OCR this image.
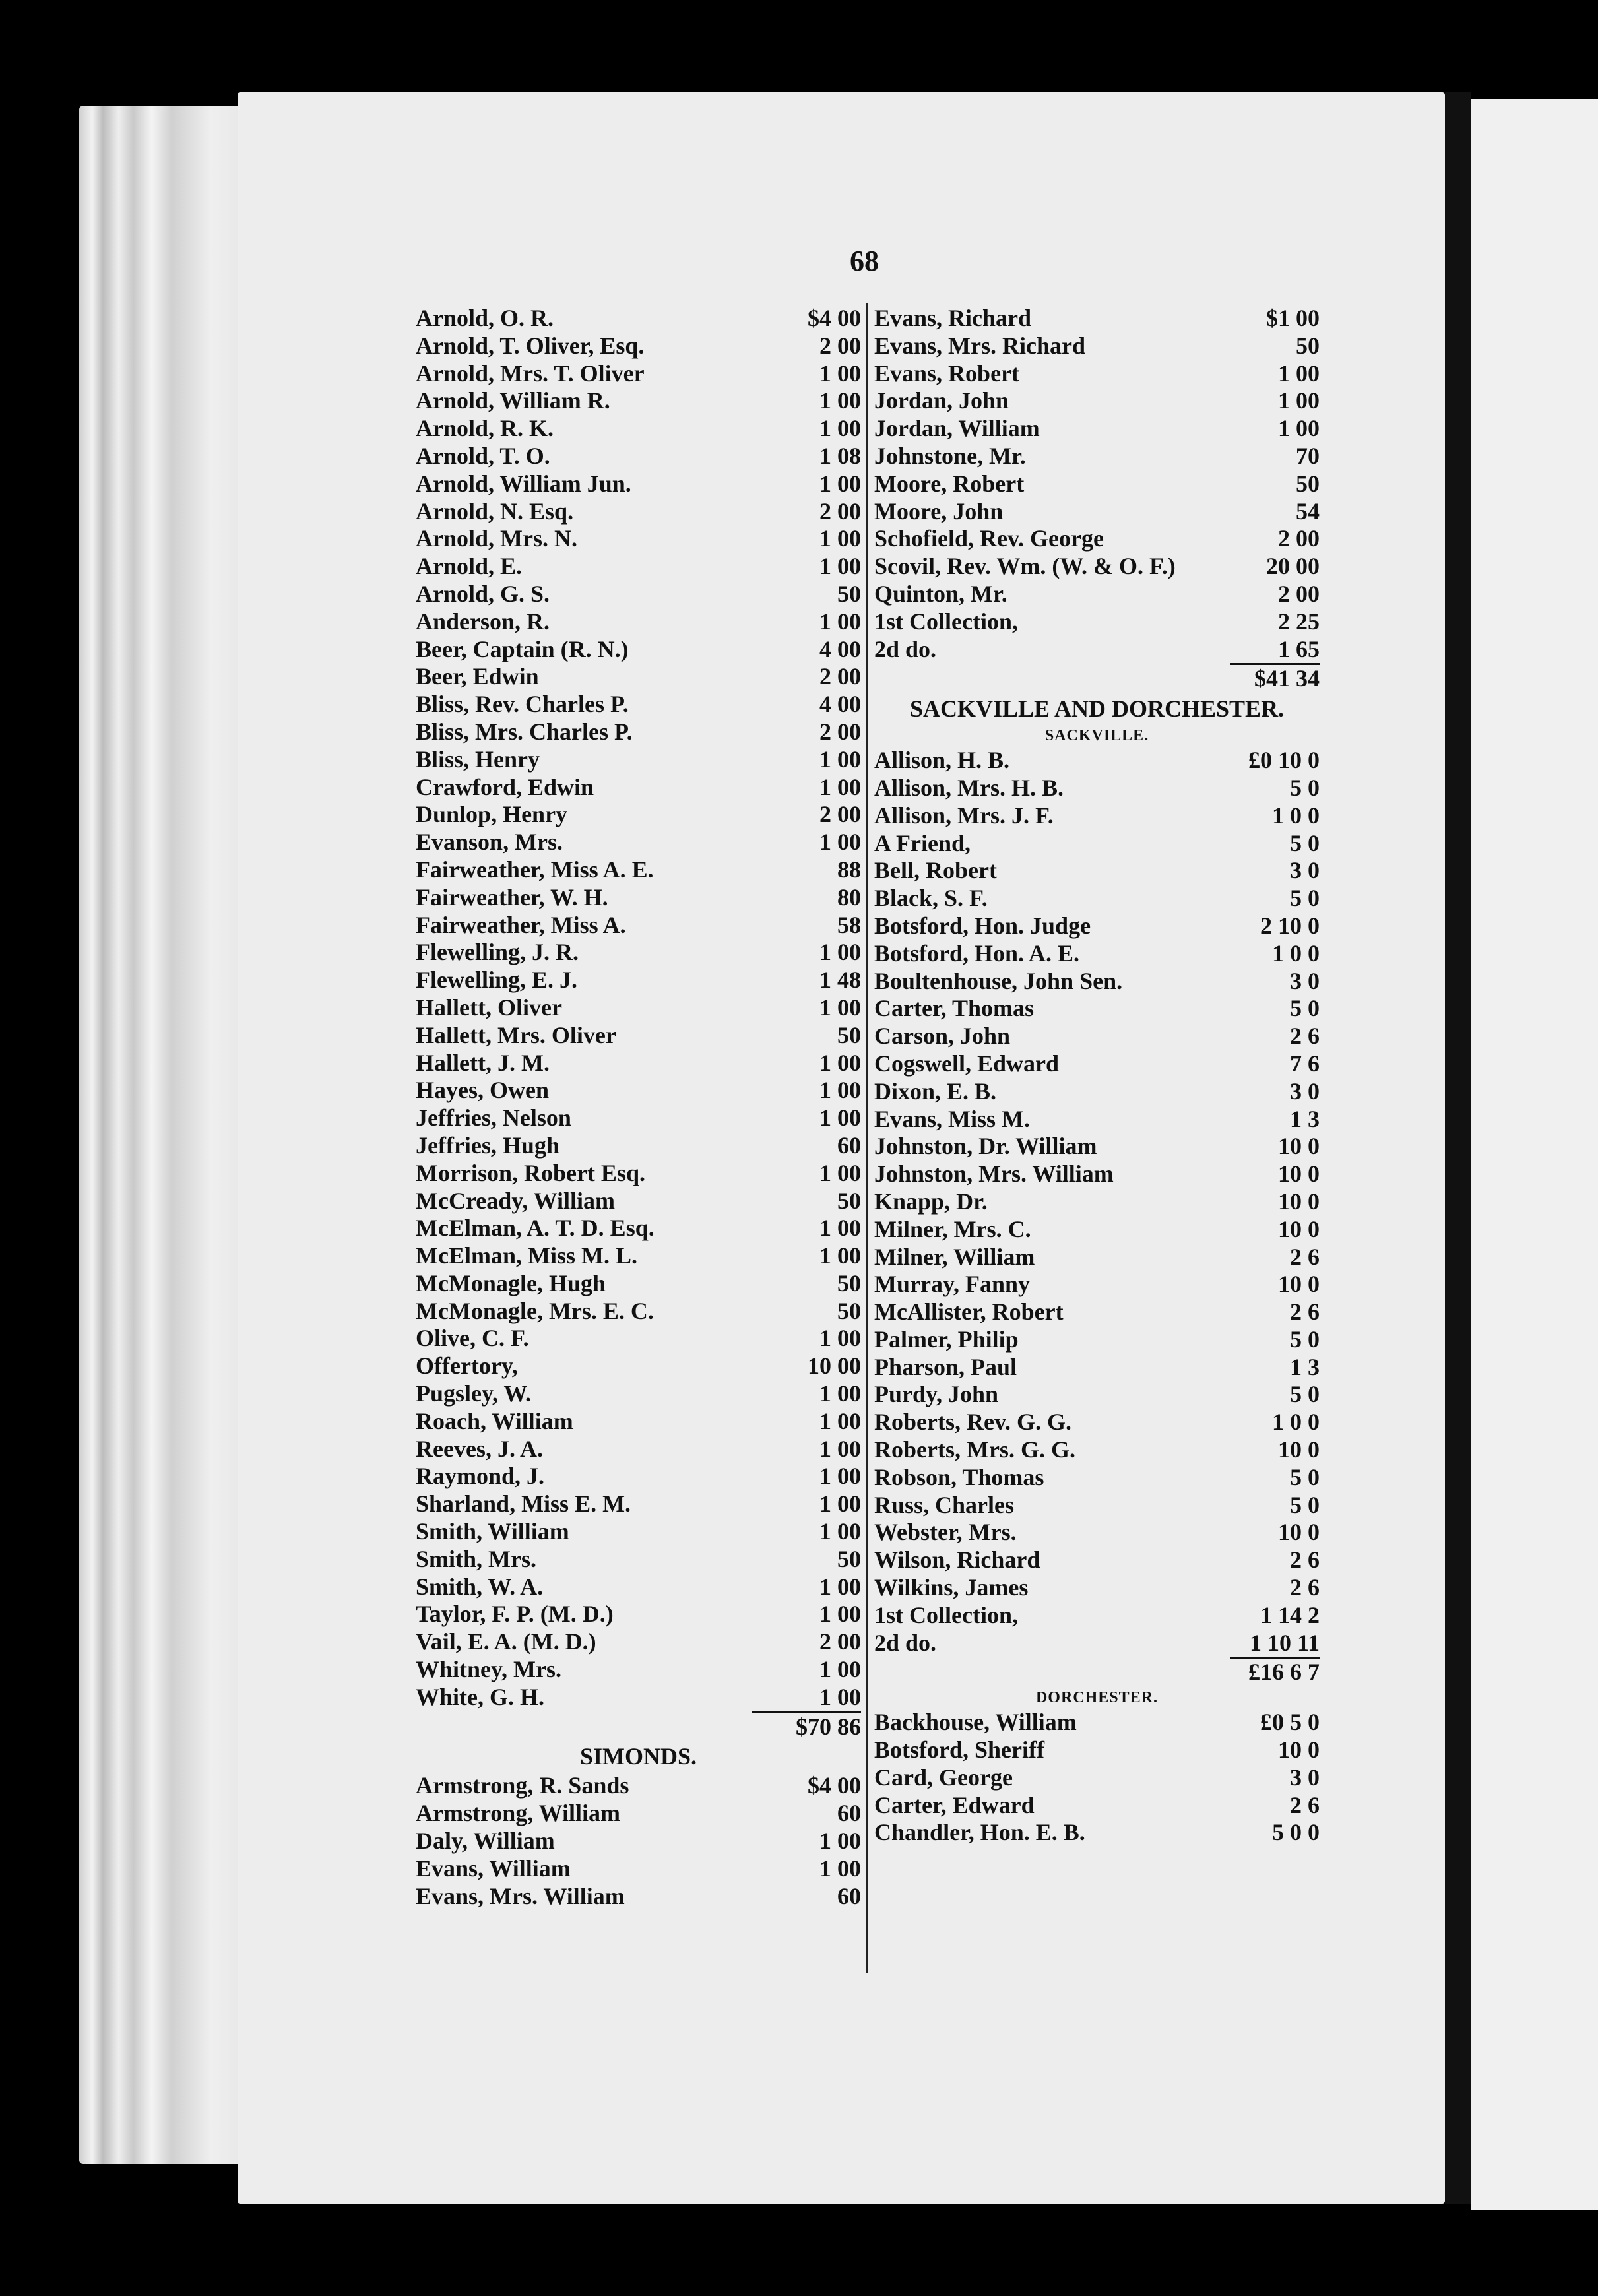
68
Arnold, O. R.	$4 00
Arnold, T. Oliver, Esq.	2 00
Arnold, Mrs. T. Oliver	1 00
Arnold, William R.	1 00
Arnold, R. K.	1 00
Arnold, T. O.	1 08
Arnold, William Jun.	1 00
Arnold, N. Esq.	2 00
Arnold, Mrs. N.	1 00
Arnold, E.	1 00
Arnold, G. S.	50
Anderson, R.	1 00
Beer, Captain (R. N.)	4 00
Beer, Edwin	2 00
Bliss, Rev. Charles P.	4 00
Bliss, Mrs. Charles P.	2 00
Bliss, Henry	1 00
Crawford, Edwin	1 00
Dunlop, Henry	2 00
Evanson, Mrs.	1 00
Fairweather, Miss A. E.	88
Fairweather, W. H.	80
Fairweather, Miss A.	58
Flewelling, J. R.	1 00
Flewelling, E. J.	1 48
Hallett, Oliver	1 00
Hallett, Mrs. Oliver	50
Hallett, J. M.	1 00
Hayes, Owen	1 00
Jeffries, Nelson	1 00
Jeffries, Hugh	60
Morrison, Robert Esq.	1 00
McCready, William	50
McElman, A. T. D. Esq.	1 00
McElman, Miss M. L.	1 00
McMonagle, Hugh	50
McMonagle, Mrs. E. C.	50
Olive, C. F.	1 00
Offertory,	10 00
Pugsley, W.	1 00
Roach, William	1 00
Reeves, J. A.	1 00
Raymond, J.	1 00
Sharland, Miss E. M.	1 00
Smith, William	1 00
Smith, Mrs.	50
Smith, W. A.	1 00
Taylor, F. P. (M. D.)	1 00
Vail, E. A. (M. D.)	2 00
Whitney, Mrs.	1 00
White, G. H.	1 00
$70 86
SIMONDS.
Armstrong, R. Sands	$4 00
Armstrong, William	60
Daly, William	1 00
Evans, William	1 00
Evans, Mrs. William	60
Evans, Richard	$1 00
Evans, Mrs. Richard	50
Evans, Robert	1 00
Jordan, John	1 00
Jordan, William	1 00
Johnstone, Mr.	70
Moore, Robert	50
Moore, John	54
Schofield, Rev. George	2 00
Scovil, Rev. Wm. (W. & O. F.)	20 00
Quinton, Mr.	2 00
1st Collection,	2 25
2d do.	1 65
$41 34
SACKVILLE AND DORCHESTER.
SACKVILLE.
Allison, H. B.	£0 10 0
Allison, Mrs. H. B.	5 0
Allison, Mrs. J. F.	1 0 0
A Friend,	5 0
Bell, Robert	3 0
Black, S. F.	5 0
Botsford, Hon. Judge	2 10 0
Botsford, Hon. A. E.	1 0 0
Boultenhouse, John Sen.	3 0
Carter, Thomas	5 0
Carson, John	2 6
Cogswell, Edward	7 6
Dixon, E. B.	3 0
Evans, Miss M.	1 3
Johnston, Dr. William	10 0
Johnston, Mrs. William	10 0
Knapp, Dr.	10 0
Milner, Mrs. C.	10 0
Milner, William	2 6
Murray, Fanny	10 0
McAllister, Robert	2 6
Palmer, Philip	5 0
Pharson, Paul	1 3
Purdy, John	5 0
Roberts, Rev. G. G.	1 0 0
Roberts, Mrs. G. G.	10 0
Robson, Thomas	5 0
Russ, Charles	5 0
Webster, Mrs.	10 0
Wilson, Richard	2 6
Wilkins, James	2 6
1st Collection,	1 14 2
2d do.	1 10 11
£16 6 7
DORCHESTER.
Backhouse, William	£0 5 0
Botsford, Sheriff	10 0
Card, George	3 0
Carter, Edward	2 6
Chandler, Hon. E. B.	5 0 0
